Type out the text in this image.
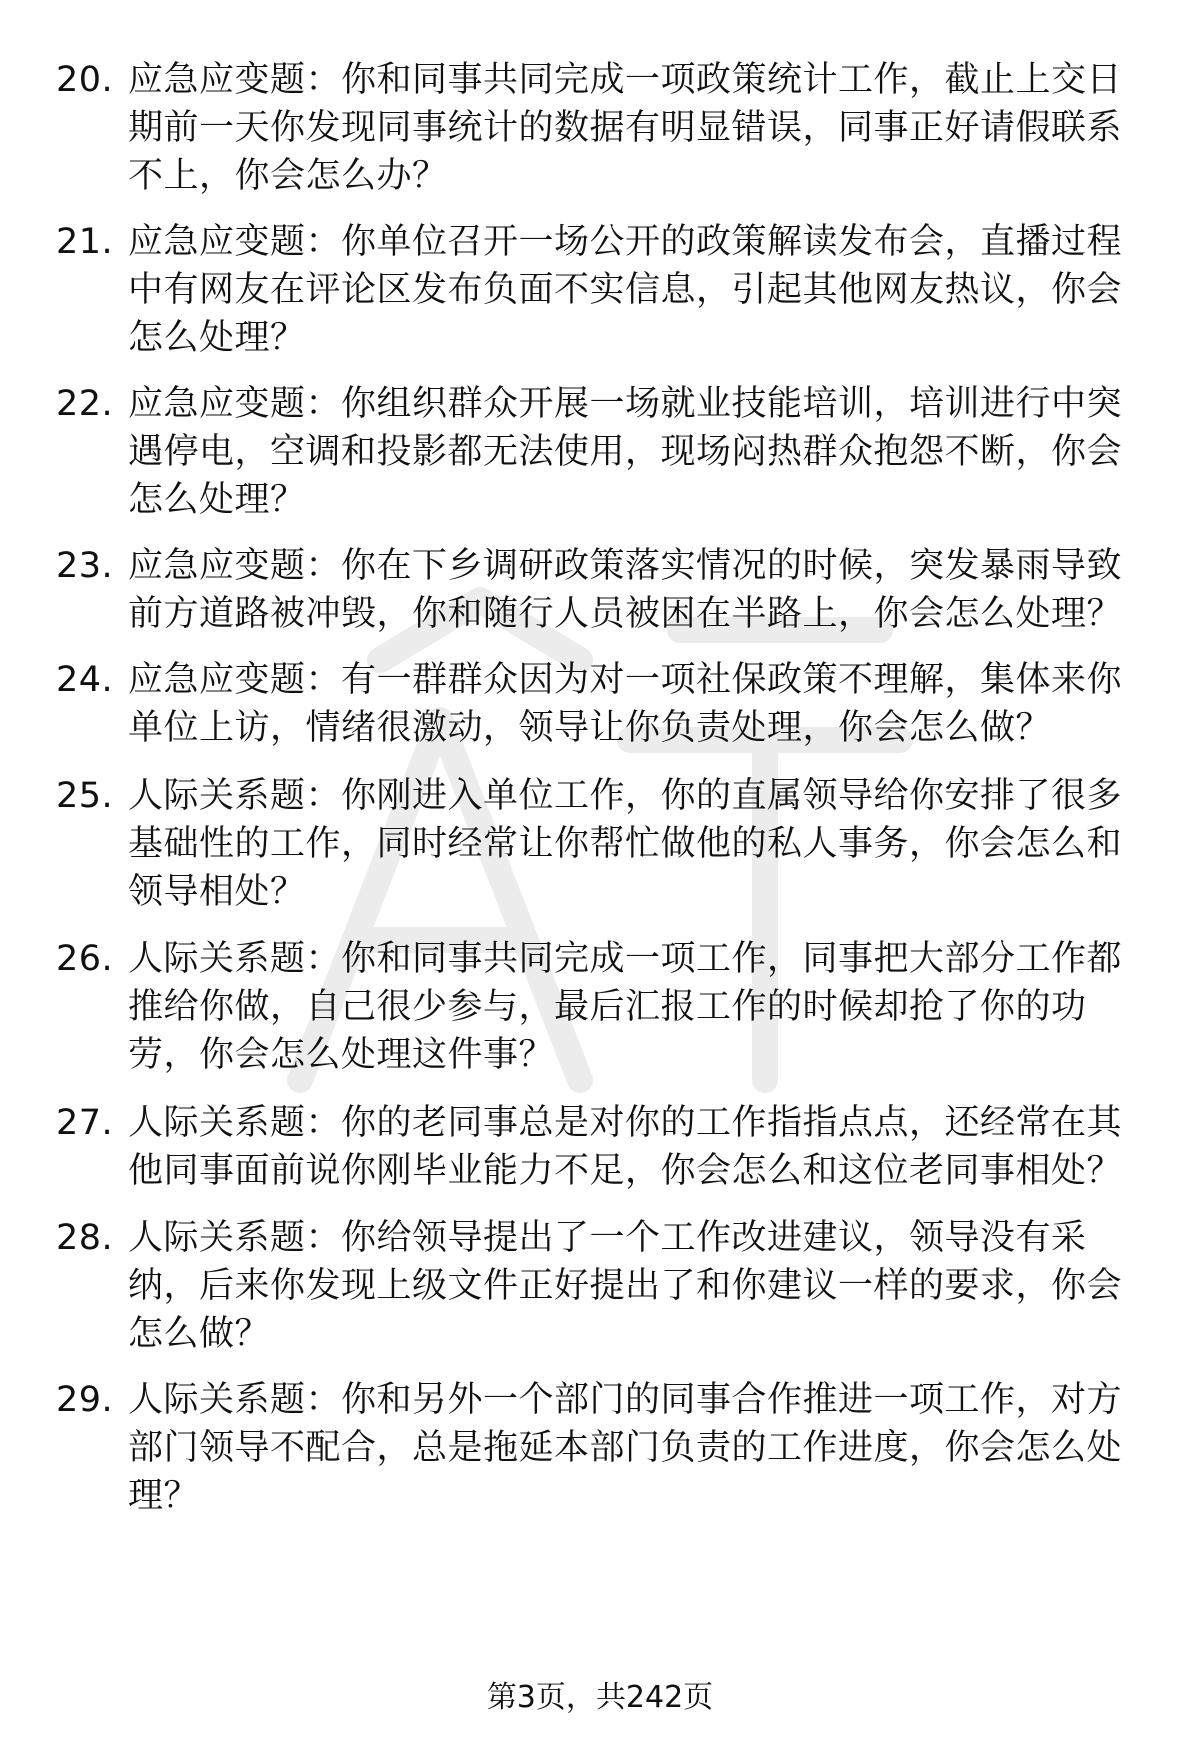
20. 应急应变题：你和同事共同完成一项政策统计工作，截止上交日
期前一天你发现同事统计的数据有明显错误，同事正好请假联系
不上，你会怎么办？
21. 应急应变题：你单位召开一场公开的政策解读发布会，直播过程
中有网友在评论区发布负面不实信息，引起其他网友热议，你会
怎么处理？
22. 应急应变题：你组织群众开展一场就业技能培训，培训进行中突
遇停电，空调和投影都无法使用，现场闷热群众抱怨不断，你会
怎么处理？
23. 应急应变题：你在下乡调研政策落实情况的时候，突发暴雨导致
前方道路被冲毁，你和随行人员被困在半路上，你会怎么处理？
24. 应急应变题：有一群群众因为对一项社保政策不理解，集体来你
单位上访，情绪很激动，领导让你负责处理，你会怎么做？
25. 人际关系题：你刚进入单位工作，你的直属领导给你安排了很多
基础性的工作，同时经常让你帮忙做他的私人事务，你会怎么和
领导相处？
26. 人际关系题：你和同事共同完成一项工作，同事把大部分工作都
推给你做，自己很少参与，最后汇报工作的时候却抢了你的功
劳，你会怎么处理这件事？
27. 人际关系题：你的老同事总是对你的工作指指点点，还经常在其
他同事面前说你刚毕业能力不足，你会怎么和这位老同事相处？
28. 人际关系题：你给领导提出了一个工作改进建议，领导没有采
纳，后来你发现上级文件正好提出了和你建议一样的要求，你会
怎么做？
29. 人际关系题：你和另外一个部门的同事合作推进一项工作，对方
部门领导不配合，总是拖延本部门负责的工作进度，你会怎么处
理？
第3页，共242页
